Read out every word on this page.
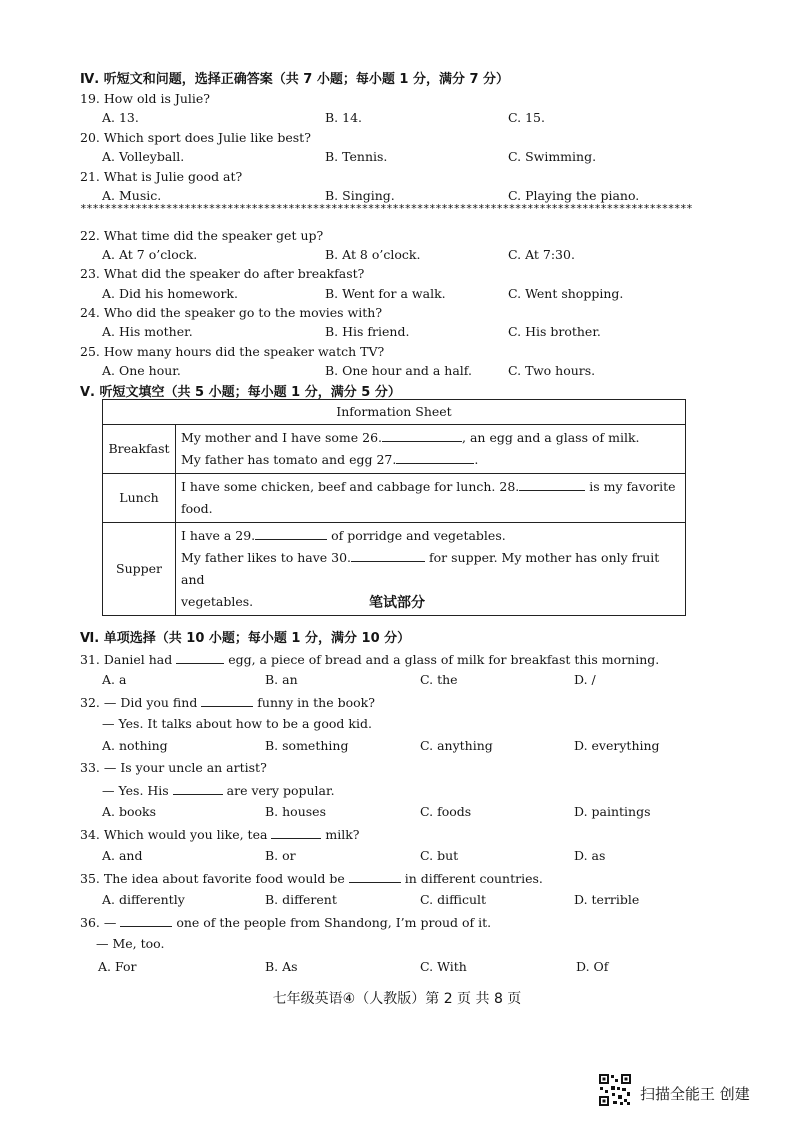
Ⅳ. 听短文和问题，选择正确答案（共 7 小题；每小题 1 分，满分 7 分）
19. How old is Julie?
A. 13.	B. 14.	C. 15.
20. Which sport does Julie like best?
A. Volleyball.	B. Tennis.	C. Swimming.
21. What is Julie good at?
A. Music.	B. Singing.	C. Playing the piano.
****************************************************************************************************
22. What time did the speaker get up?
A. At 7 o’clock.	B. At 8 o’clock.	C. At 7:30.
23. What did the speaker do after breakfast?
A. Did his homework.	B. Went for a walk.	C. Went shopping.
24. Who did the speaker go to the movies with?
A. His mother.	B. His friend.	C. His brother.
25. How many hours did the speaker watch TV?
A. One hour.	B. One hour and a half.	C. Two hours.
Ⅴ. 听短文填空（共 5 小题；每小题 1 分，满分 5 分）
Information Sheet	
Breakfast	My mother and I have some 26. , an egg and a glass of milk.
My father has tomato and egg 27. .

Lunch	I have some chicken, beef and cabbage for lunch. 28. is my favorite
food.

Supper	I have a 29. of porridge and vegetables.
My father likes to have 30. for supper. My mother has only fruit and
vegetables.	笔试部分
Ⅵ. 单项选择（共 10 小题；每小题 1 分，满分 10 分）
31. Daniel had	egg, a piece of bread and a glass of milk for breakfast this morning.
A. a	B. an	C. the	D. /
32. — Did you find	funny in the book?
— Yes. It talks about how to be a good kid.
A. nothing	B. something	C. anything	D. everything
33. — Is your uncle an artist?
— Yes. His	are very popular.
A. books	B. houses	C. foods	D. paintings
34. Which would you like, tea	milk?
A. and	B. or	C. but	D. as
35. The idea about favorite food would be	in different countries.
A. differently	B. different	C. difficult	D. terrible
36. —	one of the people from Shandong, I’m proud of it.
— Me, too.
A. For	B. As	C. With	D. Of
七年级英语④（人教版）第 2 页 共 8 页
扫描全能王 创建
